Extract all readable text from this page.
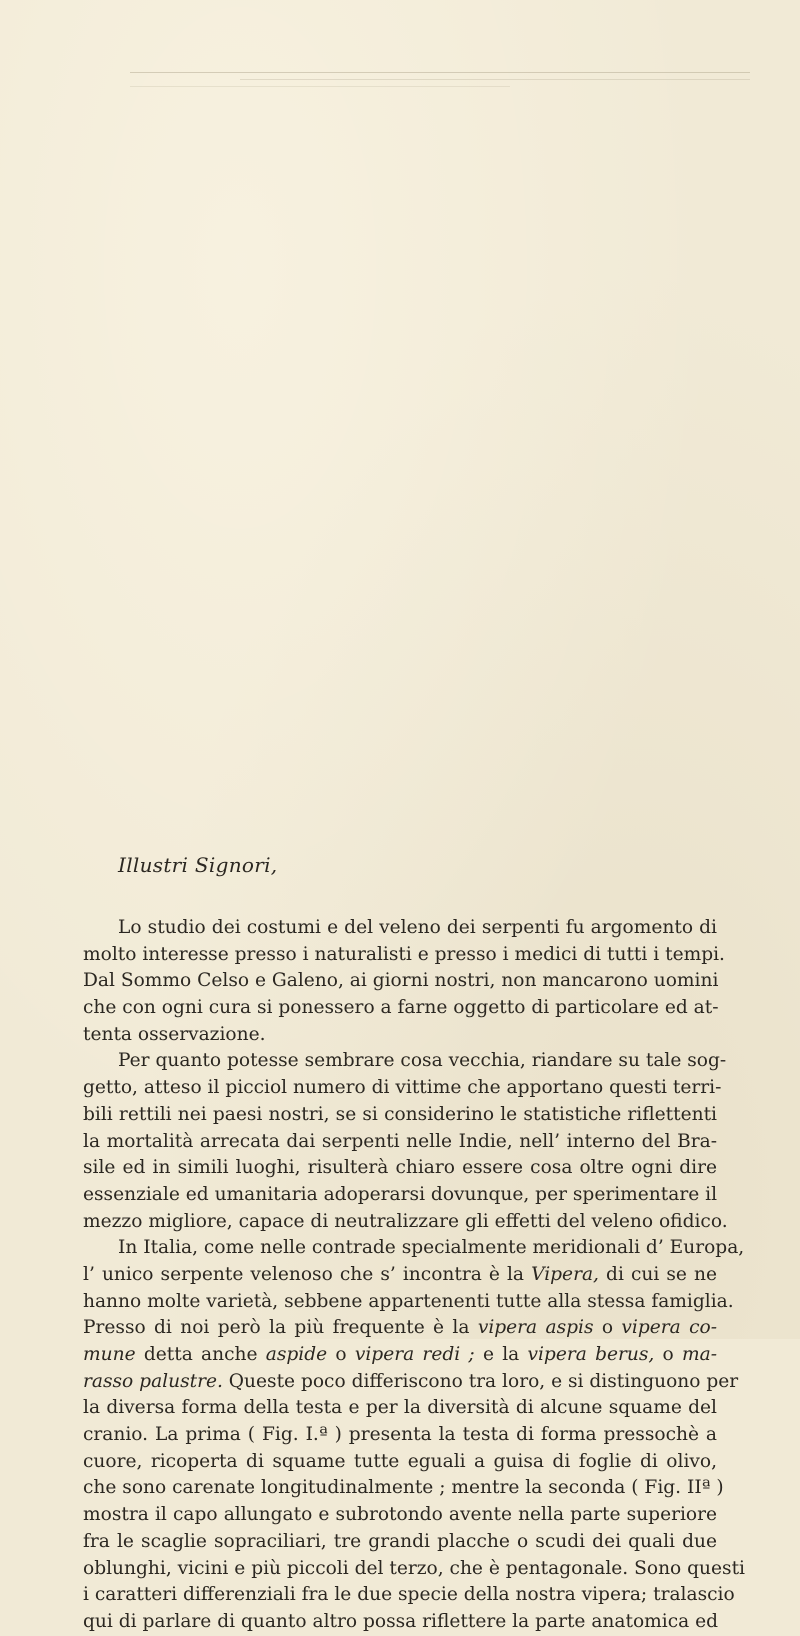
Illustri Signori,
Lo studio dei costumi e del veleno dei serpenti fu argomento di
molto interesse presso i naturalisti e presso i medici di tutti i tempi.
Dal Sommo Celso e Galeno, ai giorni nostri, non mancarono uomini
che con ogni cura si ponessero a farne oggetto di particolare ed at-
tenta osservazione.
Per quanto potesse sembrare cosa vecchia, riandare su tale sog-
getto, atteso il picciol numero di vittime che apportano questi terri-
bili rettili nei paesi nostri, se si considerino le statistiche riflettenti
la mortalità arrecata dai serpenti nelle Indie, nell’ interno del Bra-
sile ed in simili luoghi, risulterà chiaro essere cosa oltre ogni dire
essenziale ed umanitaria adoperarsi dovunque, per sperimentare il
mezzo migliore, capace di neutralizzare gli effetti del veleno ofidico.
In Italia, come nelle contrade specialmente meridionali d’ Europa,
l’ unico serpente velenoso che s’ incontra è la Vipera, di cui se ne
hanno molte varietà, sebbene appartenenti tutte alla stessa famiglia.
Presso di noi però la più frequente è la vipera aspis o vipera co-
mune detta anche aspide o vipera redi ; e la vipera berus, o ma-
rasso palustre. Queste poco differiscono tra loro, e si distinguono per
la diversa forma della testa e per la diversità di alcune squame del
cranio. La prima ( Fig. I.ª ) presenta la testa di forma pressochè a
cuore, ricoperta di squame tutte eguali a guisa di foglie di olivo,
che sono carenate longitudinalmente ; mentre la seconda ( Fig. IIª )
mostra il capo allungato e subrotondo avente nella parte superiore
fra le scaglie sopraciliari, tre grandi placche o scudi dei quali due
oblunghi, vicini e più piccoli del terzo, che è pentagonale. Sono questi
i caratteri differenziali fra le due specie della nostra vipera; tralascio
qui di parlare di quanto altro possa riflettere la parte anatomica ed
